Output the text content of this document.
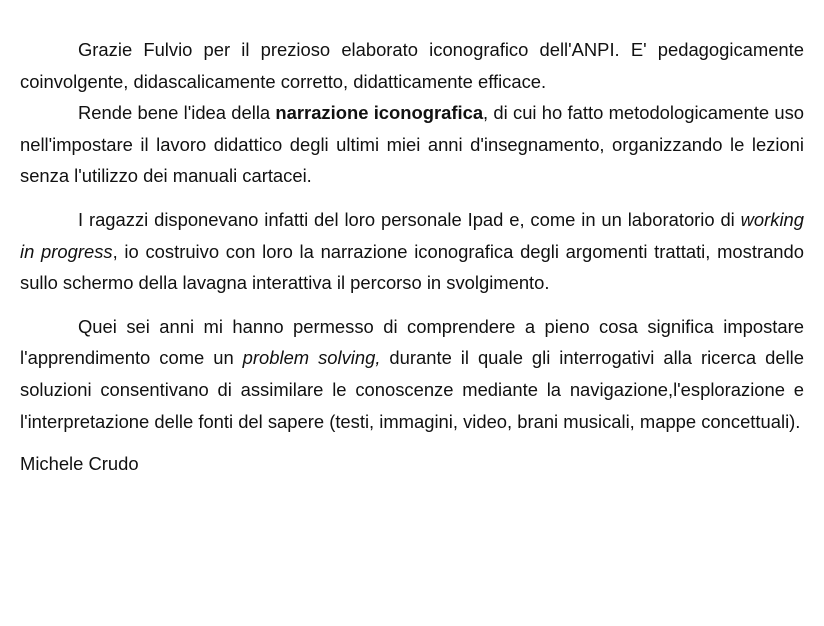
Grazie Fulvio per il prezioso elaborato iconografico dell'ANPI. E' pedagogicamente coinvolgente, didascalicamente corretto, didatticamente efficace.

Rende bene l'idea della narrazione iconografica, di cui ho fatto metodologicamente uso nell'impostare il lavoro didattico degli ultimi miei anni d'insegnamento, organizzando le lezioni senza l'utilizzo dei manuali cartacei.

I ragazzi disponevano infatti del loro personale Ipad e, come in un laboratorio di working in progress, io costruivo con loro la narrazione iconografica degli argomenti trattati, mostrando sullo schermo della lavagna interattiva il percorso in svolgimento.

Quei sei anni mi hanno permesso di comprendere a pieno cosa significa impostare l'apprendimento come un problem solving, durante il quale gli interrogativi alla ricerca delle soluzioni consentivano di assimilare le conoscenze mediante la navigazione,l'esplorazione e l'interpretazione delle fonti del sapere (testi, immagini, video, brani musicali, mappe concettuali).

Michele Crudo
